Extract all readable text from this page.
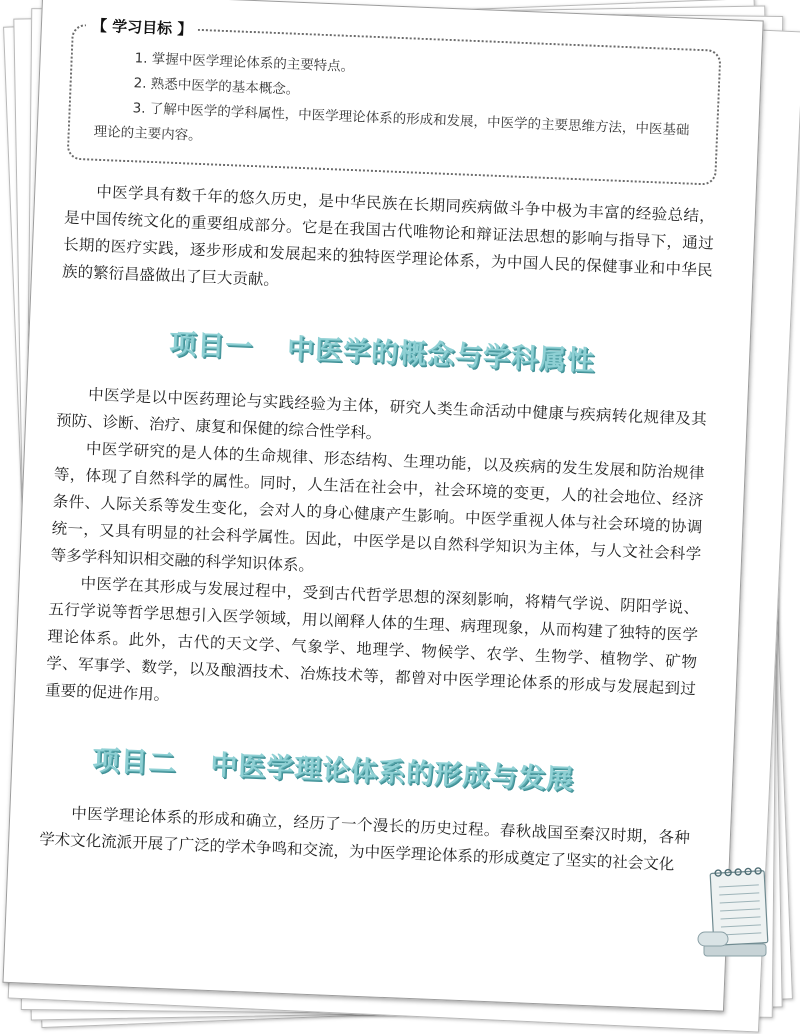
【 学习目标 】
1. 掌握中医学理论体系的主要特点。
2. 熟悉中医学的基本概念。
3. 了解中医学的学科属性，中医学理论体系的形成和发展，中医学的主要思维方法，中医基础理论的主要内容。

中医学具有数千年的悠久历史，是中华民族在长期同疾病做斗争中极为丰富的经验总结，是中国传统文化的重要组成部分。它是在我国古代唯物论和辩证法思想的影响与指导下，通过长期的医疗实践，逐步形成和发展起来的独特医学理论体系，为中国人民的保健事业和中华民族的繁衍昌盛做出了巨大贡献。

项目一 中医学的概念与学科属性

中医学是以中医药理论与实践经验为主体，研究人类生命活动中健康与疾病转化规律及其预防、诊断、治疗、康复和保健的综合性学科。

中医学研究的是人体的生命规律、形态结构、生理功能，以及疾病的发生发展和防治规律等，体现了自然科学的属性。同时，人生活在社会中，社会环境的变更，人的社会地位、经济条件、人际关系等发生变化，会对人的身心健康产生影响。中医学重视人体与社会环境的协调统一，又具有明显的社会科学属性。因此，中医学是以自然科学知识为主体，与人文社会科学等多学科知识相交融的科学知识体系。

中医学在其形成与发展过程中，受到古代哲学思想的深刻影响，将精气学说、阴阳学说、五行学说等哲学思想引入医学领域，用以阐释人体的生理、病理现象，从而构建了独特的医学理论体系。此外，古代的天文学、气象学、地理学、物候学、农学、生物学、植物学、矿物学、军事学、数学，以及酿酒技术、冶炼技术等，都曾对中医学理论体系的形成与发展起到过重要的促进作用。

项目二 中医学理论体系的形成与发展

中医学理论体系的形成和确立，经历了一个漫长的历史过程。春秋战国至秦汉时期，各种学术文化流派开展了广泛的学术争鸣和交流，为中医学理论体系的形成奠定了坚实的社会文化
